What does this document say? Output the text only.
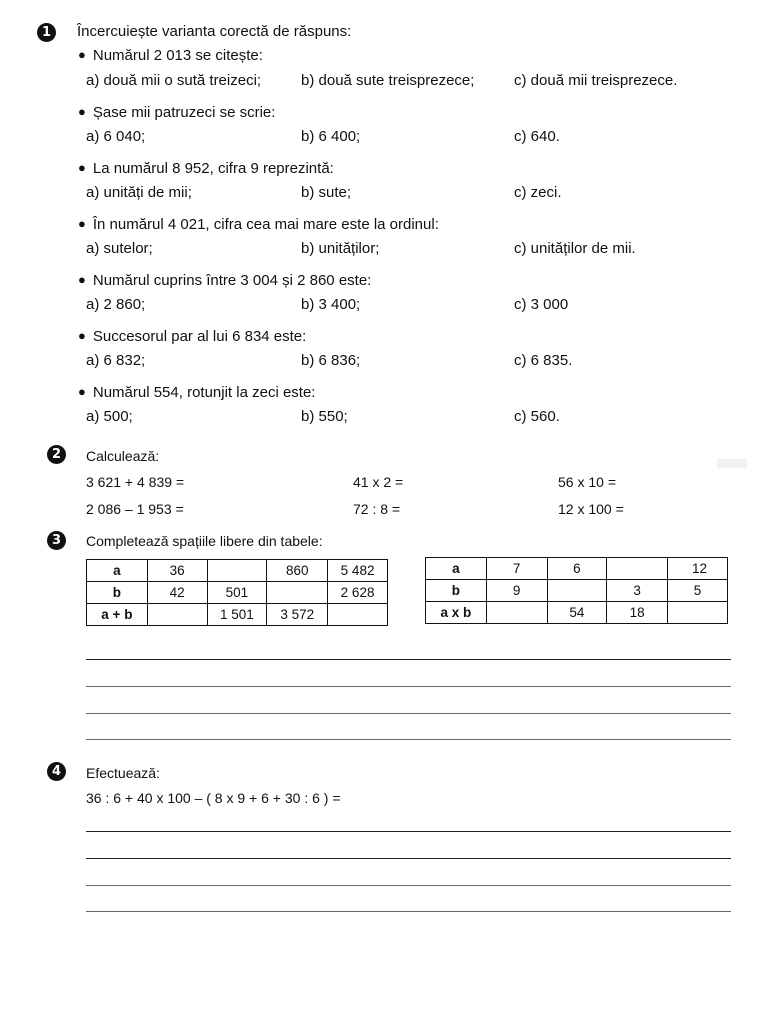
1	Încercuiește varianta corectă de răspuns:
● Numărul 2 013 se citește:
a) două mii o sută treizeci;	b) două sute treisprezece;	c) două mii treisprezece.
● Șase mii patruzeci se scrie:
a) 6 040;	b) 6 400;	c) 640.
● La numărul 8 952, cifra 9 reprezintă:
a) unități de mii;	b) sute;	c) zeci.
● În numărul 4 021, cifra cea mai mare este la ordinul:
a) sutelor;	b) unităților;	c) unităților de mii.
● Numărul cuprins între 3 004 și 2 860 este:
a) 2 860;	b) 3 400;	c) 3 000
● Succesorul par al lui 6 834 este:
a) 6 832;	b) 6 836;	c) 6 835.
● Numărul 554, rotunjit la zeci este:
a) 500;	b) 550;	c) 560.
2	Calculează:
3 621 + 4 839 =	41 x 2 =	56 x 10 =
2 086 – 1 953 =	72 : 8 =	12 x 100 =
3	Completează spațiile libere din tabele:
a	36		860	5 482
b	42	501		2 628
a + b		1 501	3 572	
a	7	6		12
b	9		3	5
a x b		54	18	
4	Efectuează:
36 : 6 + 40 x 100 – ( 8 x 9 + 6 + 30 : 6 ) =
